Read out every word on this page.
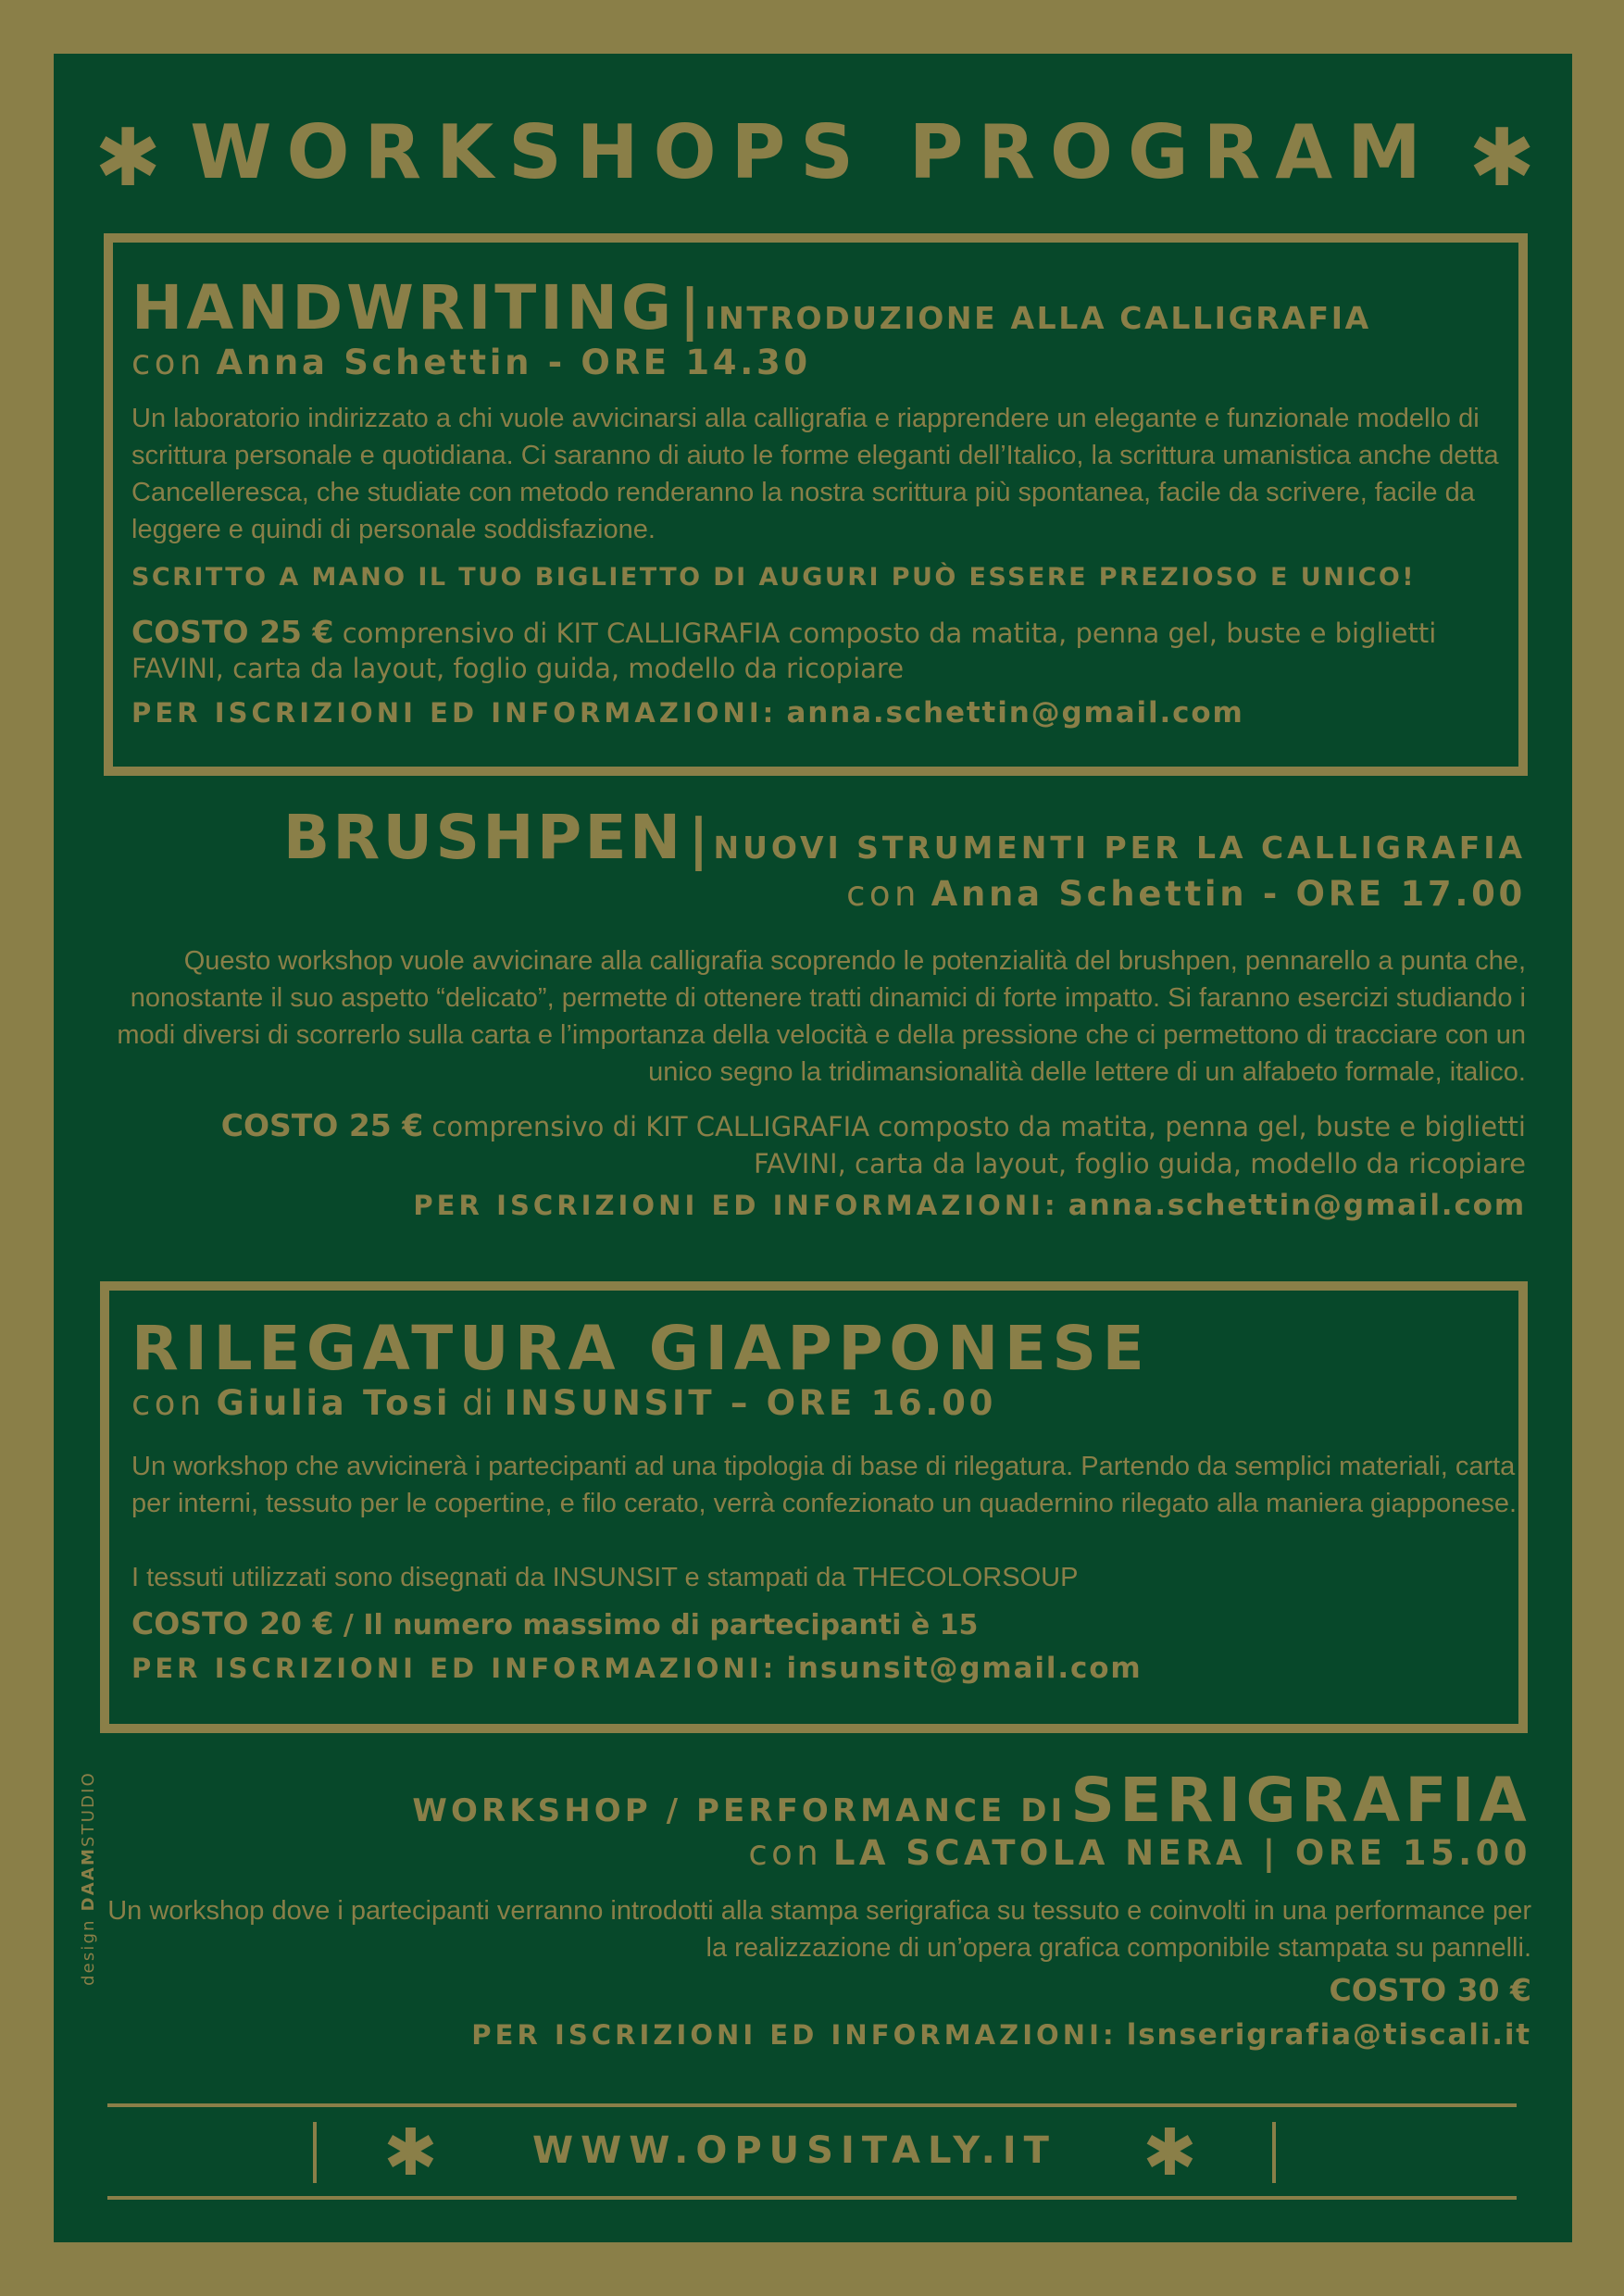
✱ WORKSHOPS PROGRAM ✱
HANDWRITING | INTRODUZIONE ALLA CALLIGRAFIA
con Anna Schettin - ORE 14.30
Un laboratorio indirizzato a chi vuole avvicinarsi alla calligrafia e riapprendere un elegante e funzionale modello di scrittura personale e quotidiana. Ci saranno di aiuto le forme eleganti dell’Italico, la scrittura umanistica anche detta Cancelleresca, che studiate con metodo renderanno la nostra scrittura più spontanea, facile da scrivere, facile da leggere e quindi di personale soddisfazione.
SCRITTO A MANO IL TUO BIGLIETTO DI AUGURI PUÒ ESSERE PREZIOSO E UNICO!
COSTO 25 € comprensivo di KIT CALLIGRAFIA composto da matita, penna gel, buste e biglietti FAVINI, carta da layout, foglio guida, modello da ricopiare
PER ISCRIZIONI ED INFORMAZIONI: anna.schettin@gmail.com
BRUSHPEN | NUOVI STRUMENTI PER LA CALLIGRAFIA
con Anna Schettin - ORE 17.00
Questo workshop vuole avvicinare alla calligrafia scoprendo le potenzialità del brushpen, pennarello a punta che, nonostante il suo aspetto “delicato”, permette di ottenere tratti dinamici di forte impatto. Si faranno esercizi studiando i modi diversi di scorrerlo sulla carta e l’importanza della velocità e della pressione che ci permettono di tracciare con un unico segno la tridimansionalità delle lettere di un alfabeto formale, italico.
COSTO 25 € comprensivo di KIT CALLIGRAFIA composto da matita, penna gel, buste e biglietti FAVINI, carta da layout, foglio guida, modello da ricopiare
PER ISCRIZIONI ED INFORMAZIONI: anna.schettin@gmail.com
RILEGATURA GIAPPONESE
con Giulia Tosi di INSUNSIT – ORE 16.00
Un workshop che avvicinerà i partecipanti ad una tipologia di base di rilegatura. Partendo da semplici materiali, carta per interni, tessuto per le copertine, e filo cerato, verrà confezionato un quadernino rilegato alla maniera giapponese.
I tessuti utilizzati sono disegnati da INSUNSIT e stampati da THECOLORSOUP
COSTO 20 € / Il numero massimo di partecipanti è 15
PER ISCRIZIONI ED INFORMAZIONI: insunsit@gmail.com
WORKSHOP / PERFORMANCE DI SERIGRAFIA
con LA SCATOLA NERA | ORE 15.00
Un workshop dove i partecipanti verranno introdotti alla stampa serigrafica su tessuto e coinvolti in una performance per la realizzazione di un’opera grafica componibile stampata su pannelli.
COSTO 30 €
PER ISCRIZIONI ED INFORMAZIONI: lsnserigrafia@tiscali.it
design DAAMSTUDIO
✱	✱
WWW.OPUSITALY.IT
